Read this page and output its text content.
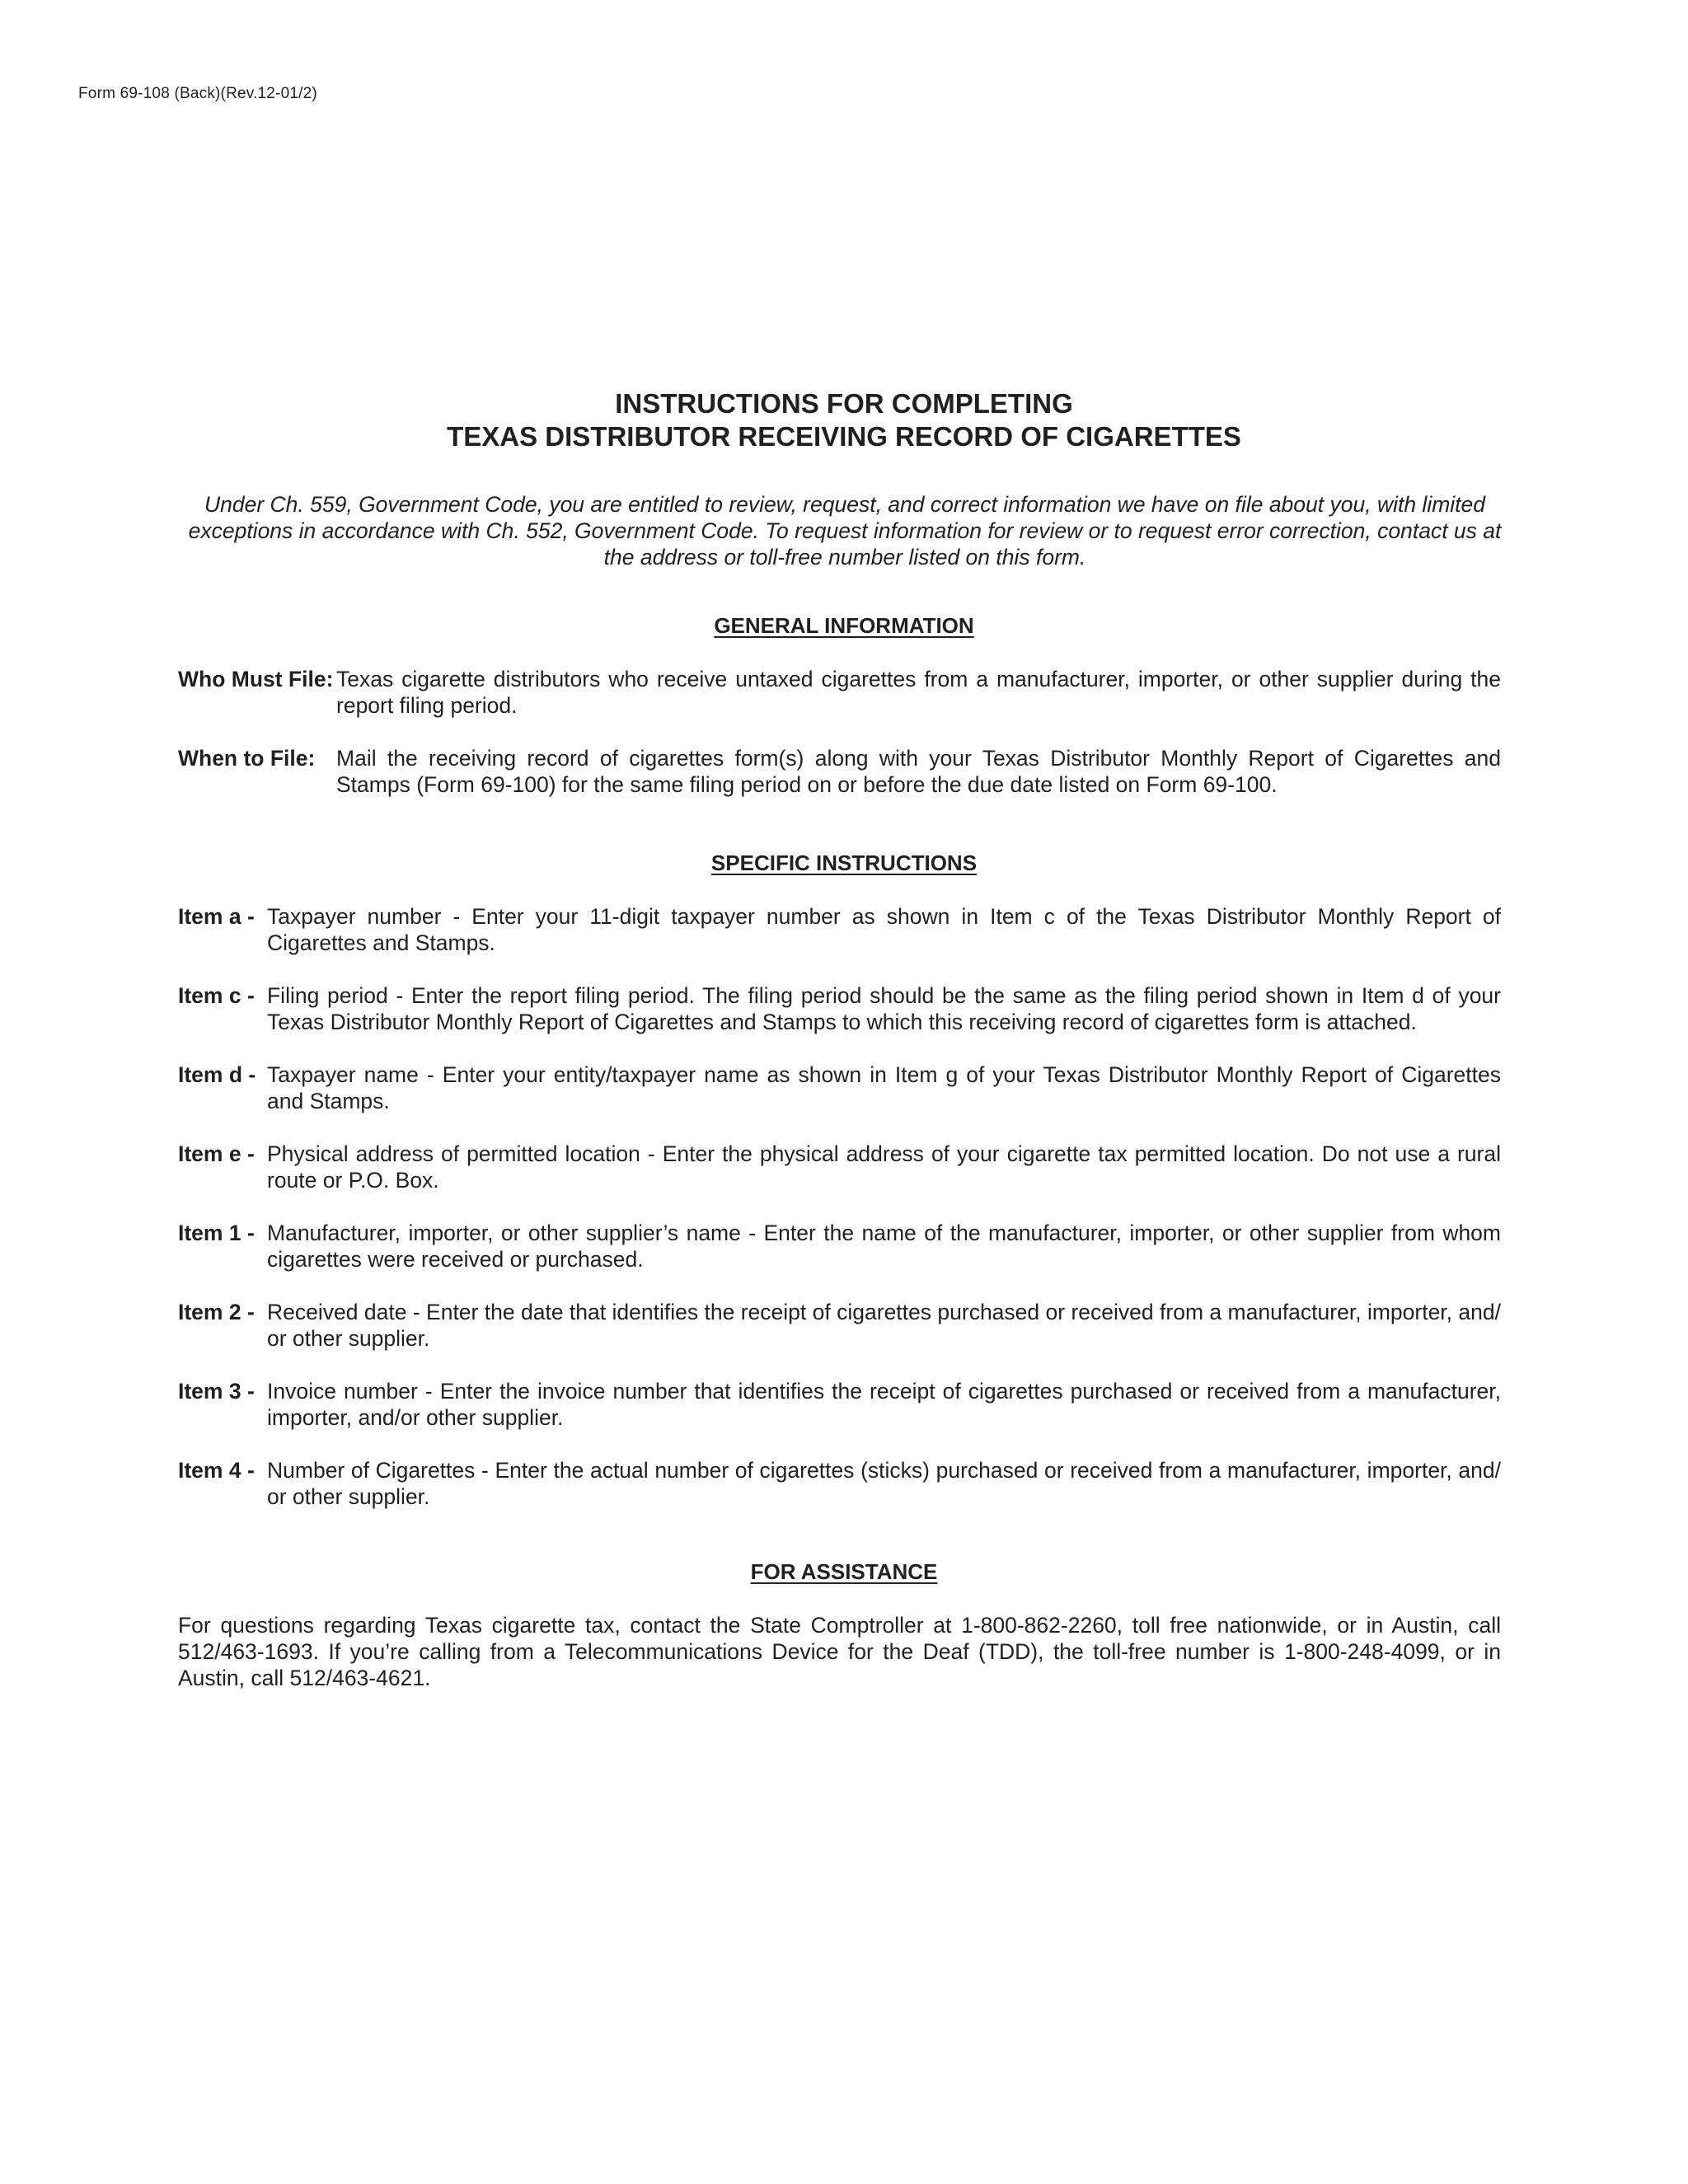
Form 69-108 (Back)(Rev.12-01/2)
INSTRUCTIONS FOR COMPLETING
TEXAS DISTRIBUTOR RECEIVING RECORD OF CIGARETTES
Under Ch. 559, Government Code, you are entitled to review, request, and correct information we have on file about you, with limited exceptions in accordance with Ch. 552, Government Code. To request information for review or to request error correction, contact us at the address or toll-free number listed on this form.
GENERAL INFORMATION
Who Must File: Texas cigarette distributors who receive untaxed cigarettes from a manufacturer, importer, or other supplier during the report filing period.
When to File: Mail the receiving record of cigarettes form(s) along with your Texas Distributor Monthly Report of Cigarettes and Stamps (Form 69-100) for the same filing period on or before the due date listed on Form 69-100.
SPECIFIC INSTRUCTIONS
Item a - Taxpayer number - Enter your 11-digit taxpayer number as shown in Item c of the Texas Distributor Monthly Report of Cigarettes and Stamps.
Item c - Filing period - Enter the report filing period. The filing period should be the same as the filing period shown in Item d of your Texas Distributor Monthly Report of Cigarettes and Stamps to which this receiving record of cigarettes form is attached.
Item d - Taxpayer name - Enter your entity/taxpayer name as shown in Item g of your Texas Distributor Monthly Report of Cigarettes and Stamps.
Item e - Physical address of permitted location - Enter the physical address of your cigarette tax permitted location. Do not use a rural route or P.O. Box.
Item 1 - Manufacturer, importer, or other supplier’s name - Enter the name of the manufacturer, importer, or other supplier from whom cigarettes were received or purchased.
Item 2 - Received date - Enter the date that identifies the receipt of cigarettes purchased or received from a manufacturer, importer, and/ or other supplier.
Item 3 - Invoice number - Enter the invoice number that identifies the receipt of cigarettes purchased or received from a manufacturer, importer, and/or other supplier.
Item 4 - Number of Cigarettes - Enter the actual number of cigarettes (sticks) purchased or received from a manufacturer, importer, and/ or other supplier.
FOR ASSISTANCE
For questions regarding Texas cigarette tax, contact the State Comptroller at 1-800-862-2260, toll free nationwide, or in Austin, call 512/463-1693. If you’re calling from a Telecommunications Device for the Deaf (TDD), the toll-free number is 1-800-248-4099, or in Austin, call 512/463-4621.
